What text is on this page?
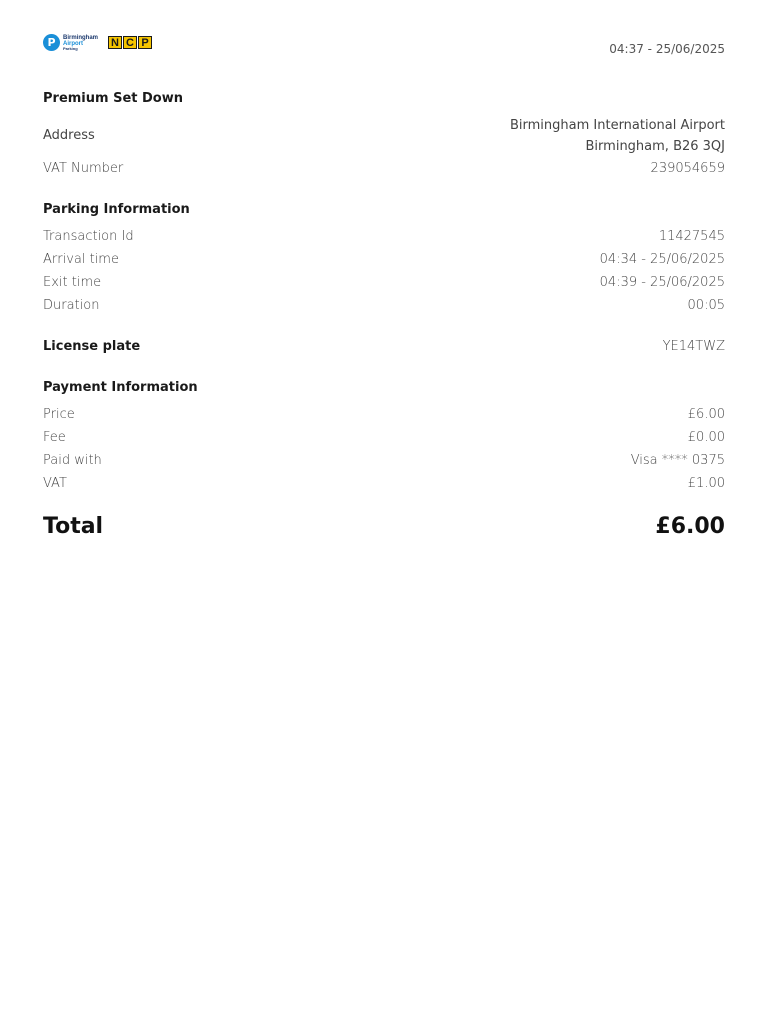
P	Birmingham
Airport
Parking	N C P	04:37 - 25/06/2025
Premium Set Down
Address
Birmingham International Airport
Birmingham, B26 3QJ
VAT Number	239054659
Parking Information
Transaction Id	11427545
Arrival time	04:34 - 25/06/2025
Exit time	04:39 - 25/06/2025
Duration	00:05
License plate	YE14TWZ
Payment Information
Price	£6.00
Fee	£0.00
Paid with	Visa **** 0375
VAT	£1.00
Total	£6.00
